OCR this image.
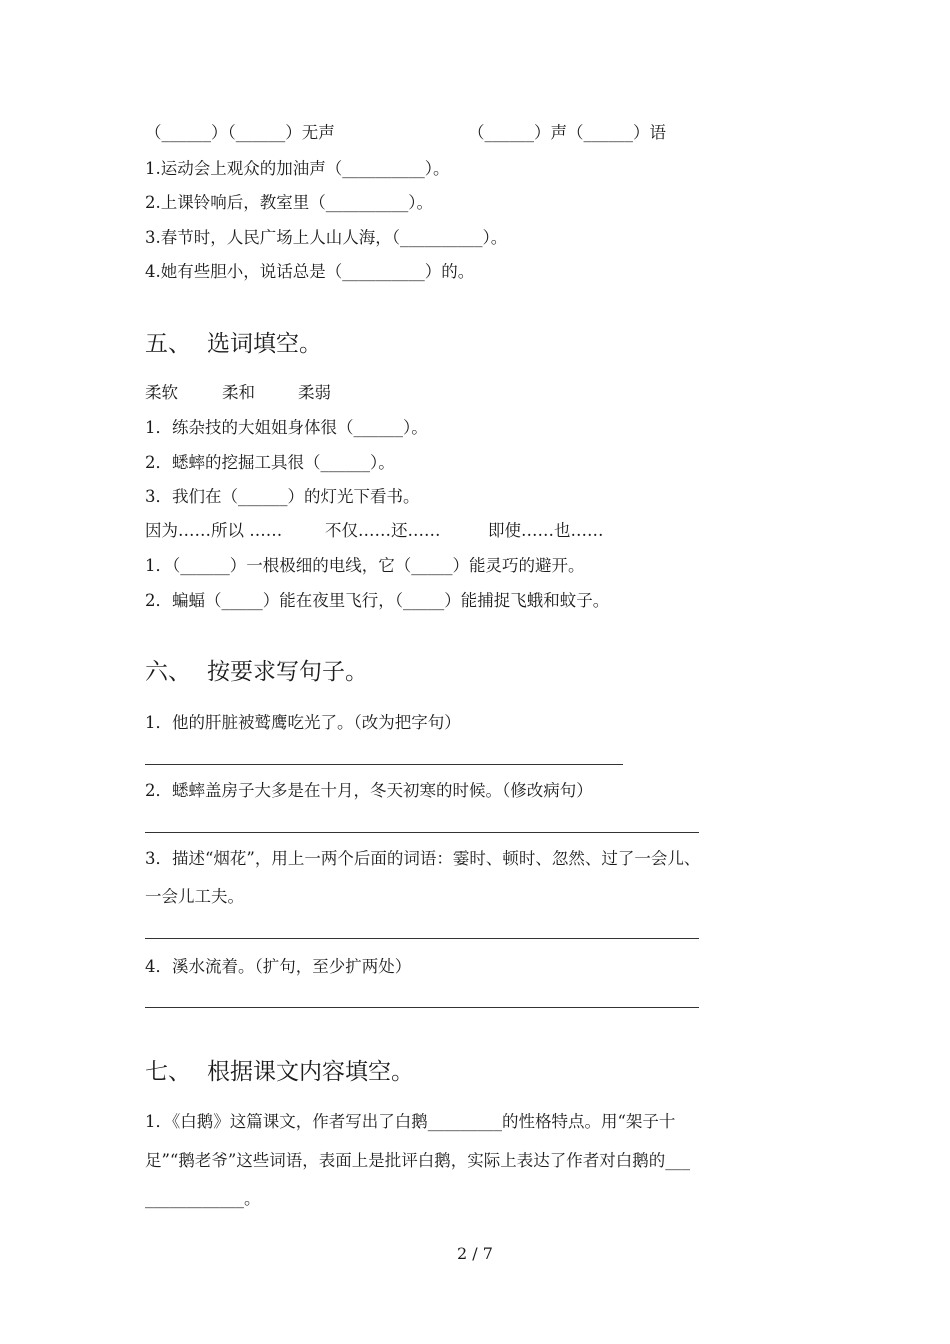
（______）（______）无声	（______）声（______）语
1.运动会上观众的加油声（__________）。
2.上课铃响后，教室里（__________）。
3.春节时，人民广场上人山人海，（__________）。
4.她有些胆小，说话总是（__________）的。
五、 选词填空。
柔软	柔和	柔弱
1．练杂技的大姐姐身体很（______）。
2．蟋蟀的挖掘工具很（______）。
3．我们在（______）的灯光下看书。
因为……所以 ……	不仅……还……	即使……也……
1．（______）一根极细的电线，它（_____）能灵巧的避开。
2．蝙蝠（_____）能在夜里飞行，（_____）能捕捉飞蛾和蚊子。
六、 按要求写句子。
1．他的肝脏被鹫鹰吃光了。（改为把字句）
2．蟋蟀盖房子大多是在十月，冬天初寒的时候。（修改病句）
3．描述“烟花”，用上一两个后面的词语：霎时、顿时、忽然、过了一会儿、
一会儿工夫。
4．溪水流着。（扩句，至少扩两处）
七、 根据课文内容填空。
1．《白鹅》这篇课文，作者写出了白鹅_________的性格特点。用“架子十
足”“鹅老爷”这些词语，表面上是批评白鹅，实际上表达了作者对白鹅的___
____________。
2 / 7
